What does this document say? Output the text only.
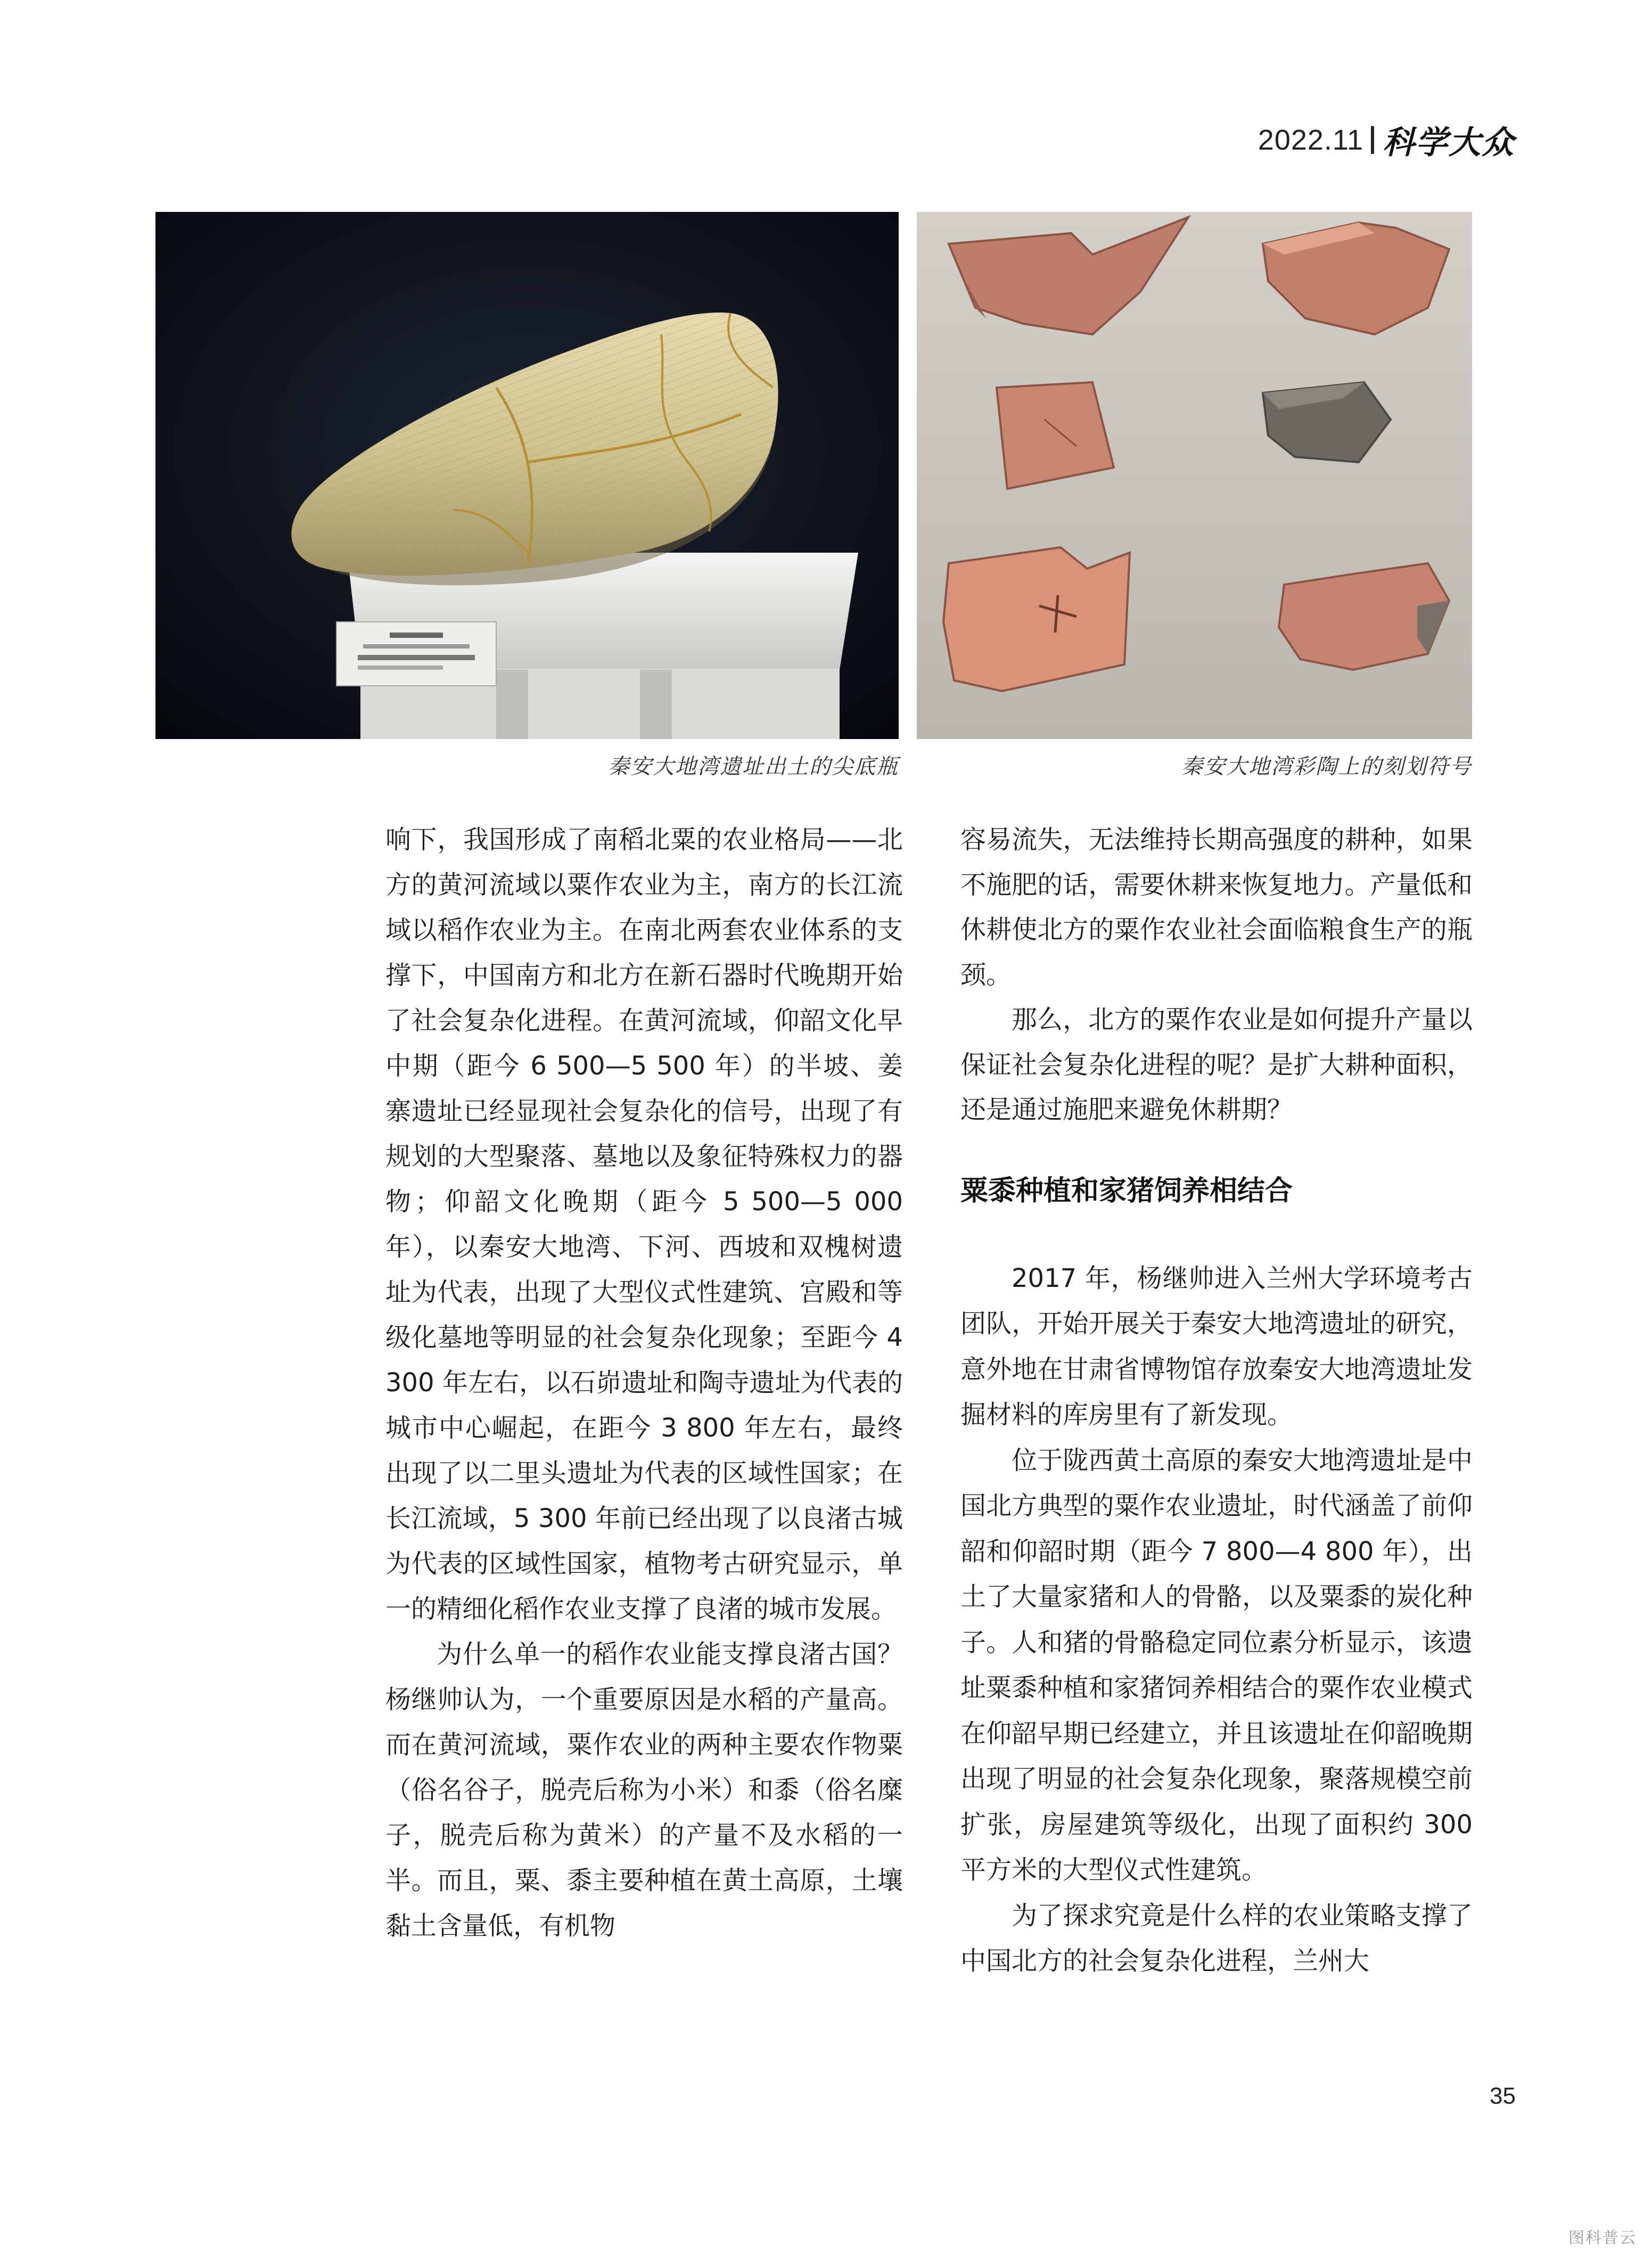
2022.11 科学大众
秦安大地湾遗址出土的尖底瓶	秦安大地湾彩陶上的刻划符号

响下，我国形成了南稻北粟的农业格局——北方的黄河流域以粟作农业为主，南方的长江流域以稻作农业为主。在南北两套农业体系的支撑下，中国南方和北方在新石器时代晚期开始了社会复杂化进程。在黄河流域，仰韶文化早中期（距今 6 500—5 500 年）的半坡、姜寨遗址已经显现社会复杂化的信号，出现了有规划的大型聚落、墓地以及象征特殊权力的器物；仰韶文化晚期（距今 5 500—5 000 年），以秦安大地湾、下河、西坡和双槐树遗址为代表，出现了大型仪式性建筑、宫殿和等级化墓地等明显的社会复杂化现象；至距今 4 300 年左右，以石峁遗址和陶寺遗址为代表的城市中心崛起，在距今 3 800 年左右，最终出现了以二里头遗址为代表的区域性国家；在长江流域，5 300 年前已经出现了以良渚古城为代表的区域性国家，植物考古研究显示，单一的精细化稻作农业支撑了良渚的城市发展。

为什么单一的稻作农业能支撑良渚古国？杨继帅认为，一个重要原因是水稻的产量高。而在黄河流域，粟作农业的两种主要农作物粟（俗名谷子，脱壳后称为小米）和黍（俗名糜子，脱壳后称为黄米）的产量不及水稻的一半。而且，粟、黍主要种植在黄土高原，土壤黏土含量低，有机物

容易流失，无法维持长期高强度的耕种，如果不施肥的话，需要休耕来恢复地力。产量低和休耕使北方的粟作农业社会面临粮食生产的瓶颈。

那么，北方的粟作农业是如何提升产量以保证社会复杂化进程的呢？是扩大耕种面积，还是通过施肥来避免休耕期？

粟黍种植和家猪饲养相结合

2017 年，杨继帅进入兰州大学环境考古团队，开始开展关于秦安大地湾遗址的研究，意外地在甘肃省博物馆存放秦安大地湾遗址发掘材料的库房里有了新发现。

位于陇西黄土高原的秦安大地湾遗址是中国北方典型的粟作农业遗址，时代涵盖了前仰韶和仰韶时期（距今 7 800—4 800 年），出土了大量家猪和人的骨骼，以及粟黍的炭化种子。人和猪的骨骼稳定同位素分析显示，该遗址粟黍种植和家猪饲养相结合的粟作农业模式在仰韶早期已经建立，并且该遗址在仰韶晚期出现了明显的社会复杂化现象，聚落规模空前扩张，房屋建筑等级化，出现了面积约 300 平方米的大型仪式性建筑。

为了探求究竟是什么样的农业策略支撑了中国北方的社会复杂化进程，兰州大

35
图科普云
